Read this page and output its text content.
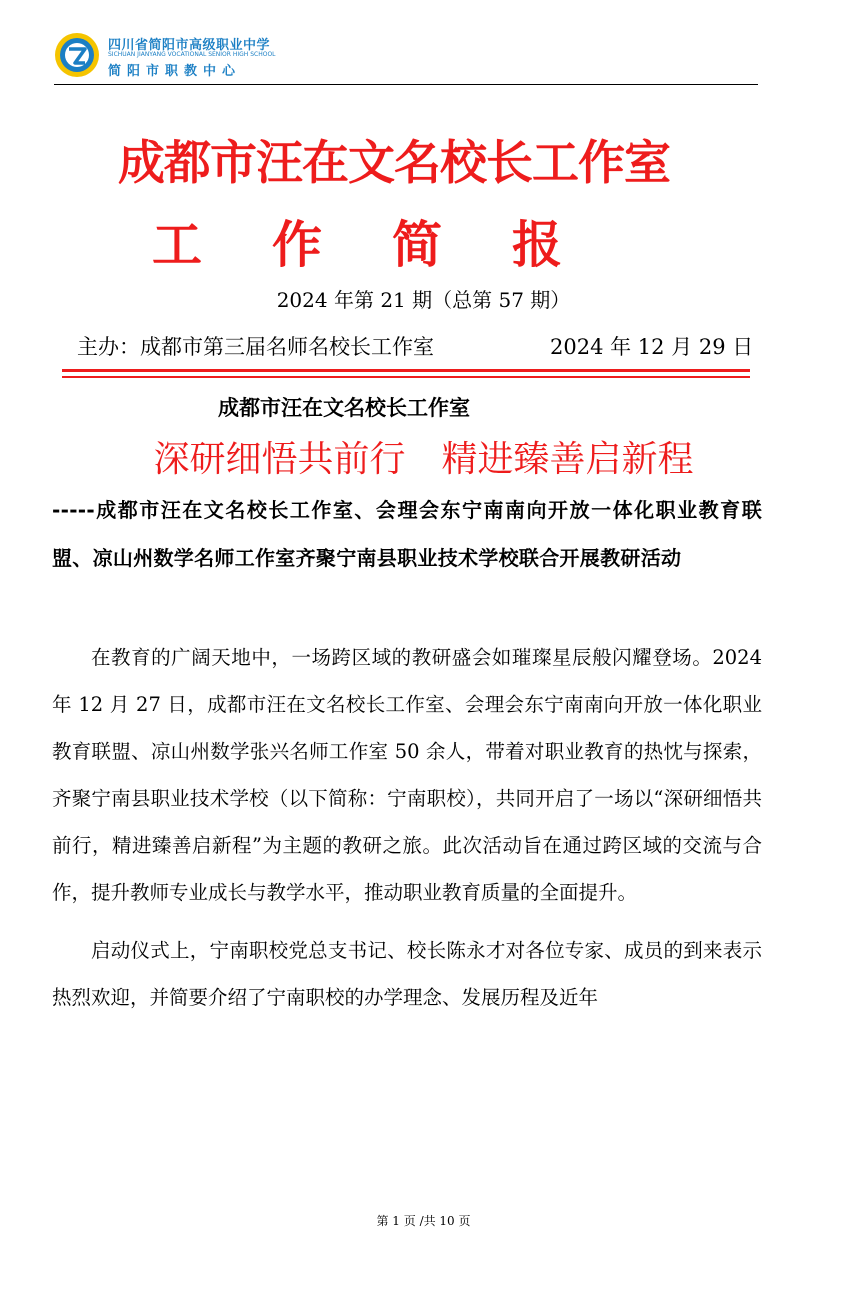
四川省简阳市高级职业中学
SICHUAN JIANYANG VOCATIONAL SENIOR HIGH SCHOOL
简阳市职教中心
成都市汪在文名校长工作室
工作简报
2024 年第 21 期（总第 57 期）
主办：成都市第三届名师名校长工作室	2024 年 12 月 29 日
成都市汪在文名校长工作室
深研细悟共前行　精进臻善启新程
-----成都市汪在文名校长工作室、会理会东宁南南向开放一体化职业教育联盟、凉山州数学名师工作室齐聚宁南县职业技术学校联合开展教研活动

在教育的广阔天地中，一场跨区域的教研盛会如璀璨星辰般闪耀登场。2024 年 12 月 27 日，成都市汪在文名校长工作室、会理会东宁南南向开放一体化职业教育联盟、凉山州数学张兴名师工作室 50 余人，带着对职业教育的热忱与探索，齐聚宁南县职业技术学校（以下简称：宁南职校），共同开启了一场以“深研细悟共前行，精进臻善启新程”为主题的教研之旅。此次活动旨在通过跨区域的交流与合作，提升教师专业成长与教学水平，推动职业教育质量的全面提升。

启动仪式上，宁南职校党总支书记、校长陈永才对各位专家、成员的到来表示热烈欢迎，并简要介绍了宁南职校的办学理念、发展历程及近年

第 1 页 /共 10 页
